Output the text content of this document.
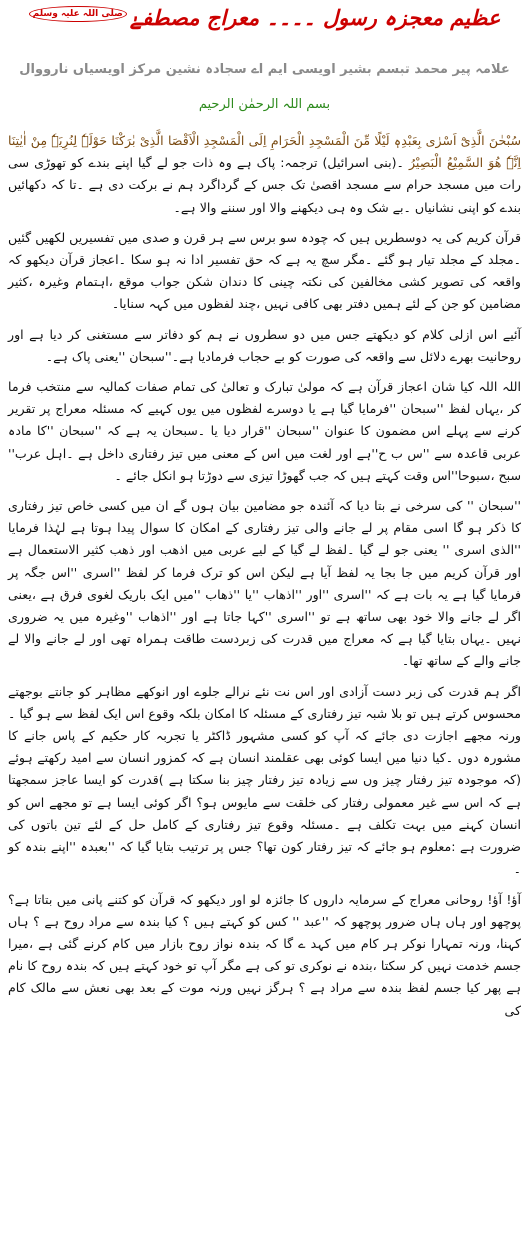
عظیم معجزہ رسول ۔۔۔۔ معراج مصطفےٰصلی اللہ علیہ وسلم
علامہ پیر محمد تبسم بشیر اویسی ایم اے سجادہ نشین مرکز اویسیاں نارووال
بسم اللہ الرحمٰن الرحیم

سُبْحٰنَ الَّذِیْٓ اَسْرٰی بِعَبْدِہٖ لَیْلًا مِّنَ الْمَسْجِدِ الْحَرَامِ اِلَی الْمَسْجِدِ الْاَقْصَا الَّذِیْ بٰرَکْنَا حَوْلَہٗ لِنُرِیَہٗ مِنْ اٰیٰتِنَا اِنَّہٗ ھُوَ السَّمِیْعُ الْبَصِیْرُ ۔(بنی اسرائیل) ترجمہ: پاک ہے وہ ذات جو لے گیا اپنے بندے کو تھوڑی سی رات میں مسجد حرام سے مسجد اقصیٰ تک جس کے گرداگرد ہم نے برکت دی ہے ۔تا کہ دکھائیں بندے کو اپنی نشانیاں ۔بے شک وہ ہی دیکھنے والا اور سننے والا ہے۔

قرآن کریم کی یہ دوسطریں ہیں کہ چودہ سو برس سے ہر قرن و صدی میں تفسیریں لکھیں گئیں ۔مجلد کے مجلد تیار ہو گئے ۔مگر سچ یہ ہے کہ حق تفسیر ادا نہ ہو سکا ۔اعجاز قرآن دیکھو کہ واقعہ کی تصویر کشی مخالفین کی نکتہ چینی کا دندان شکن جواب موقع ،اہتمام وغیرہ ،کثیر مضامین کو جن کے لئے ہمیں دفتر بھی کافی نہیں ،چند لفظوں میں کہہ سنایا۔

آئیے اس ازلی کلام کو دیکھتے جس میں دو سطروں نے ہم کو دفاتر سے مستغنی کر دیا ہے اور روحانیت بھرے دلائل سے واقعہ کی صورت کو بے حجاب فرمادیا ہے۔''سبحان ''یعنی پاک ہے۔

اللہ اللہ کیا شان اعجاز قرآن ہے کہ مولیٰ تبارک و تعالیٰ کی تمام صفات کمالیہ سے منتخب فرما کر ،یہاں لفظ ''سبحان ''فرمایا گیا ہے یا دوسرے لفظوں میں یوں کہیے کہ مسئلہ معراج پر تقریر کرنے سے پہلے اس مضمون کا عنوان ''سبحان ''قرار دیا یا ۔سبحان یہ ہے کہ ''سبحان ''کا مادہ عربی قاعدہ سے ''س ب ح''ہے اور لغت میں اس کے معنی میں تیز رفتاری داخل ہے ۔اہل عرب'' سبح ،سبوحا''اس وقت کہتے ہیں کہ جب گھوڑا تیزی سے دوڑتا ہو انکل جائے ۔

''سبحان '' کی سرخی نے بتا دیا کہ آئندہ جو مضامین بیان ہوں گے ان میں کسی خاص تیز رفتاری کا ذکر ہو گا اسی مقام پر لے جانے والی تیز رفتاری کے امکان کا سوال پیدا ہوتا ہے لہٰذا فرمایا ''الذی اسری '' یعنی جو لے گیا ۔لفظ لے گیا کے لیے عربی میں اذھب اور ذھب کثیر الاستعمال ہے اور قرآن کریم میں جا بجا یہ لفظ آیا ہے لیکن اس کو ترک فرما کر لفظ ''اسری ''اس جگہ پر فرمایا گیا ہے یہ بات ہے کہ ''اسری ''اور ''اذھاب ''یا ''ذھاب ''میں ایک باریک لغوی فرق ہے ،یعنی اگر لے جانے والا خود بھی ساتھ ہے تو ''اسری ''کہا جاتا ہے اور ''اذھاب ''وغیرہ میں یہ ضروری نہیں ۔یہاں بتایا گیا ہے کہ معراج میں قدرت کی زبردست طاقت ہمراہ تھی اور لے جانے والا لے جانے والے کے ساتھ تھا۔

اگر ہم قدرت کی زبر دست آزادی اور اس نت نئے نرالے جلوے اور انوکھے مظاہر کو جانتے بوجھتے محسوس کرتے ہیں تو بلا شبہ تیز رفتاری کے مسئلہ کا امکان بلکہ وقوع اس ایک لفظ سے ہو گیا ۔ورنہ مجھے اجازت دی جائے کہ آپ کو کسی مشہور ڈاکٹر یا تجربہ کار حکیم کے پاس جانے کا مشورہ دوں ۔کیا دنیا میں ایسا کوئی بھی عقلمند انسان ہے کہ کمزور انسان سے امید رکھتے ہوئے (کہ موجودہ تیز رفتار چیز وں سے زیادہ تیز رفتار چیز بنا سکتا ہے )قدرت کو ایسا عاجز سمجھتا ہے کہ اس سے غیر معمولی رفتار کی خلقت سے مایوس ہو؟ اگر کوئی ایسا ہے تو مجھے اس کو انسان کہنے میں بہت تکلف ہے ۔مسئلہ وقوع تیز رفتاری کے کامل حل کے لئے تین باتوں کی ضرورت ہے :معلوم ہو جائے کہ تیز رفتار کون تھا؟ جس پر ترتیب بتایا گیا کہ ''بعبدہ ''اپنے بندہ کو ۔

آؤ! آؤ! روحانی معراج کے سرمایہ داروں کا جائزہ لو اور دیکھو کہ قرآن کو کتنے پانی میں بتاتا ہے؟ پوچھو اور ہاں ہاں ضرور پوچھو کہ ''عبد '' کس کو کہتے ہیں ؟ کیا بندہ سے مراد روح ہے ؟ ہاں کہنا، ورنہ تمہارا نوکر ہر کام میں کہد ے گا کہ بندہ نواز روح بازار میں کام کرنے گئی ہے ،میرا جسم خدمت نہیں کر سکتا ،بندہ نے نوکری تو کی ہے مگر آپ تو خود کہتے ہیں کہ بندہ روح کا نام ہے پھر کیا جسم لفظ بندہ سے مراد ہے ؟ ہرگز نہیں ورنہ موت کے بعد بھی نعش سے مالک کام کی
